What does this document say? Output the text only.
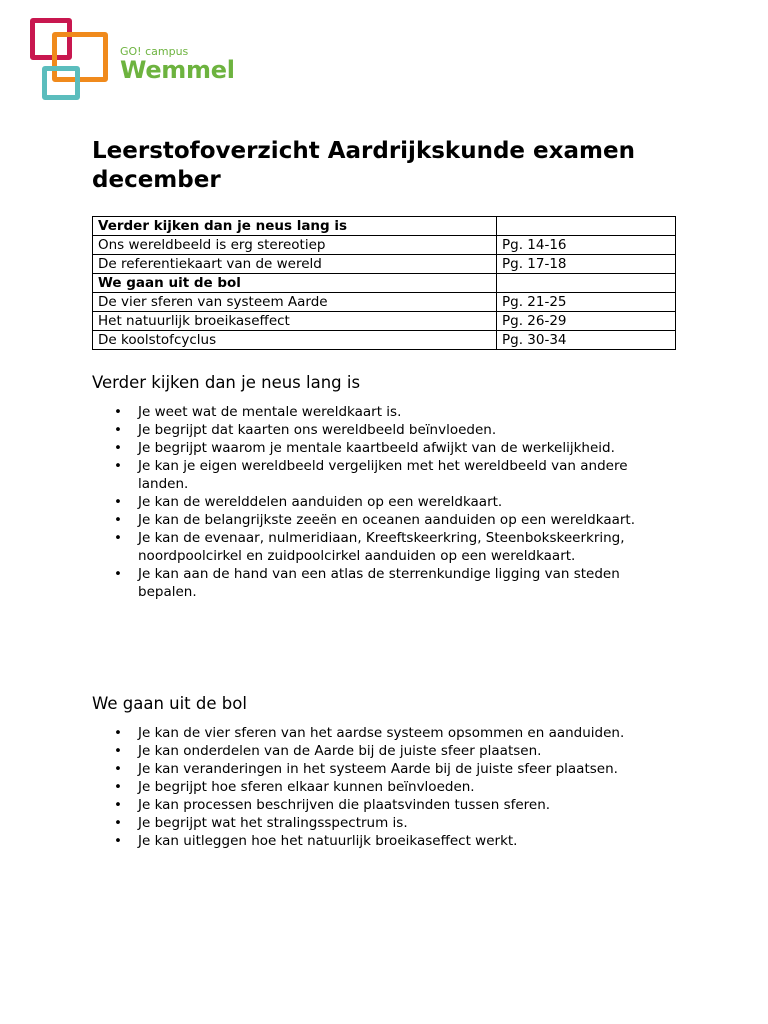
GO! campus
Wemmel
Leerstofoverzicht Aardrijkskunde examen december
Verder kijken dan je neus lang is	
Ons wereldbeeld is erg stereotiep	Pg. 14-16
De referentiekaart van de wereld	Pg. 17-18
We gaan uit de bol	
De vier sferen van systeem Aarde	Pg. 21-25
Het natuurlijk broeikaseffect	Pg. 26-29
De koolstofcyclus	Pg. 30-34
Verder kijken dan je neus lang is
• Je weet wat de mentale wereldkaart is.
• Je begrijpt dat kaarten ons wereldbeeld beïnvloeden.
• Je begrijpt waarom je mentale kaartbeeld afwijkt van de werkelijkheid.
• Je kan je eigen wereldbeeld vergelijken met het wereldbeeld van andere landen.
• Je kan de werelddelen aanduiden op een wereldkaart.
• Je kan de belangrijkste zeeën en oceanen aanduiden op een wereldkaart.
• Je kan de evenaar, nulmeridiaan, Kreeftskeerkring, Steenbokskeerkring, noordpoolcirkel en zuidpoolcirkel aanduiden op een wereldkaart.
• Je kan aan de hand van een atlas de sterrenkundige ligging van steden bepalen.
We gaan uit de bol
• Je kan de vier sferen van het aardse systeem opsommen en aanduiden.
• Je kan onderdelen van de Aarde bij de juiste sfeer plaatsen.
• Je kan veranderingen in het systeem Aarde bij de juiste sfeer plaatsen.
• Je begrijpt hoe sferen elkaar kunnen beïnvloeden.
• Je kan processen beschrijven die plaatsvinden tussen sferen.
• Je begrijpt wat het stralingsspectrum is.
• Je kan uitleggen hoe het natuurlijk broeikaseffect werkt.
